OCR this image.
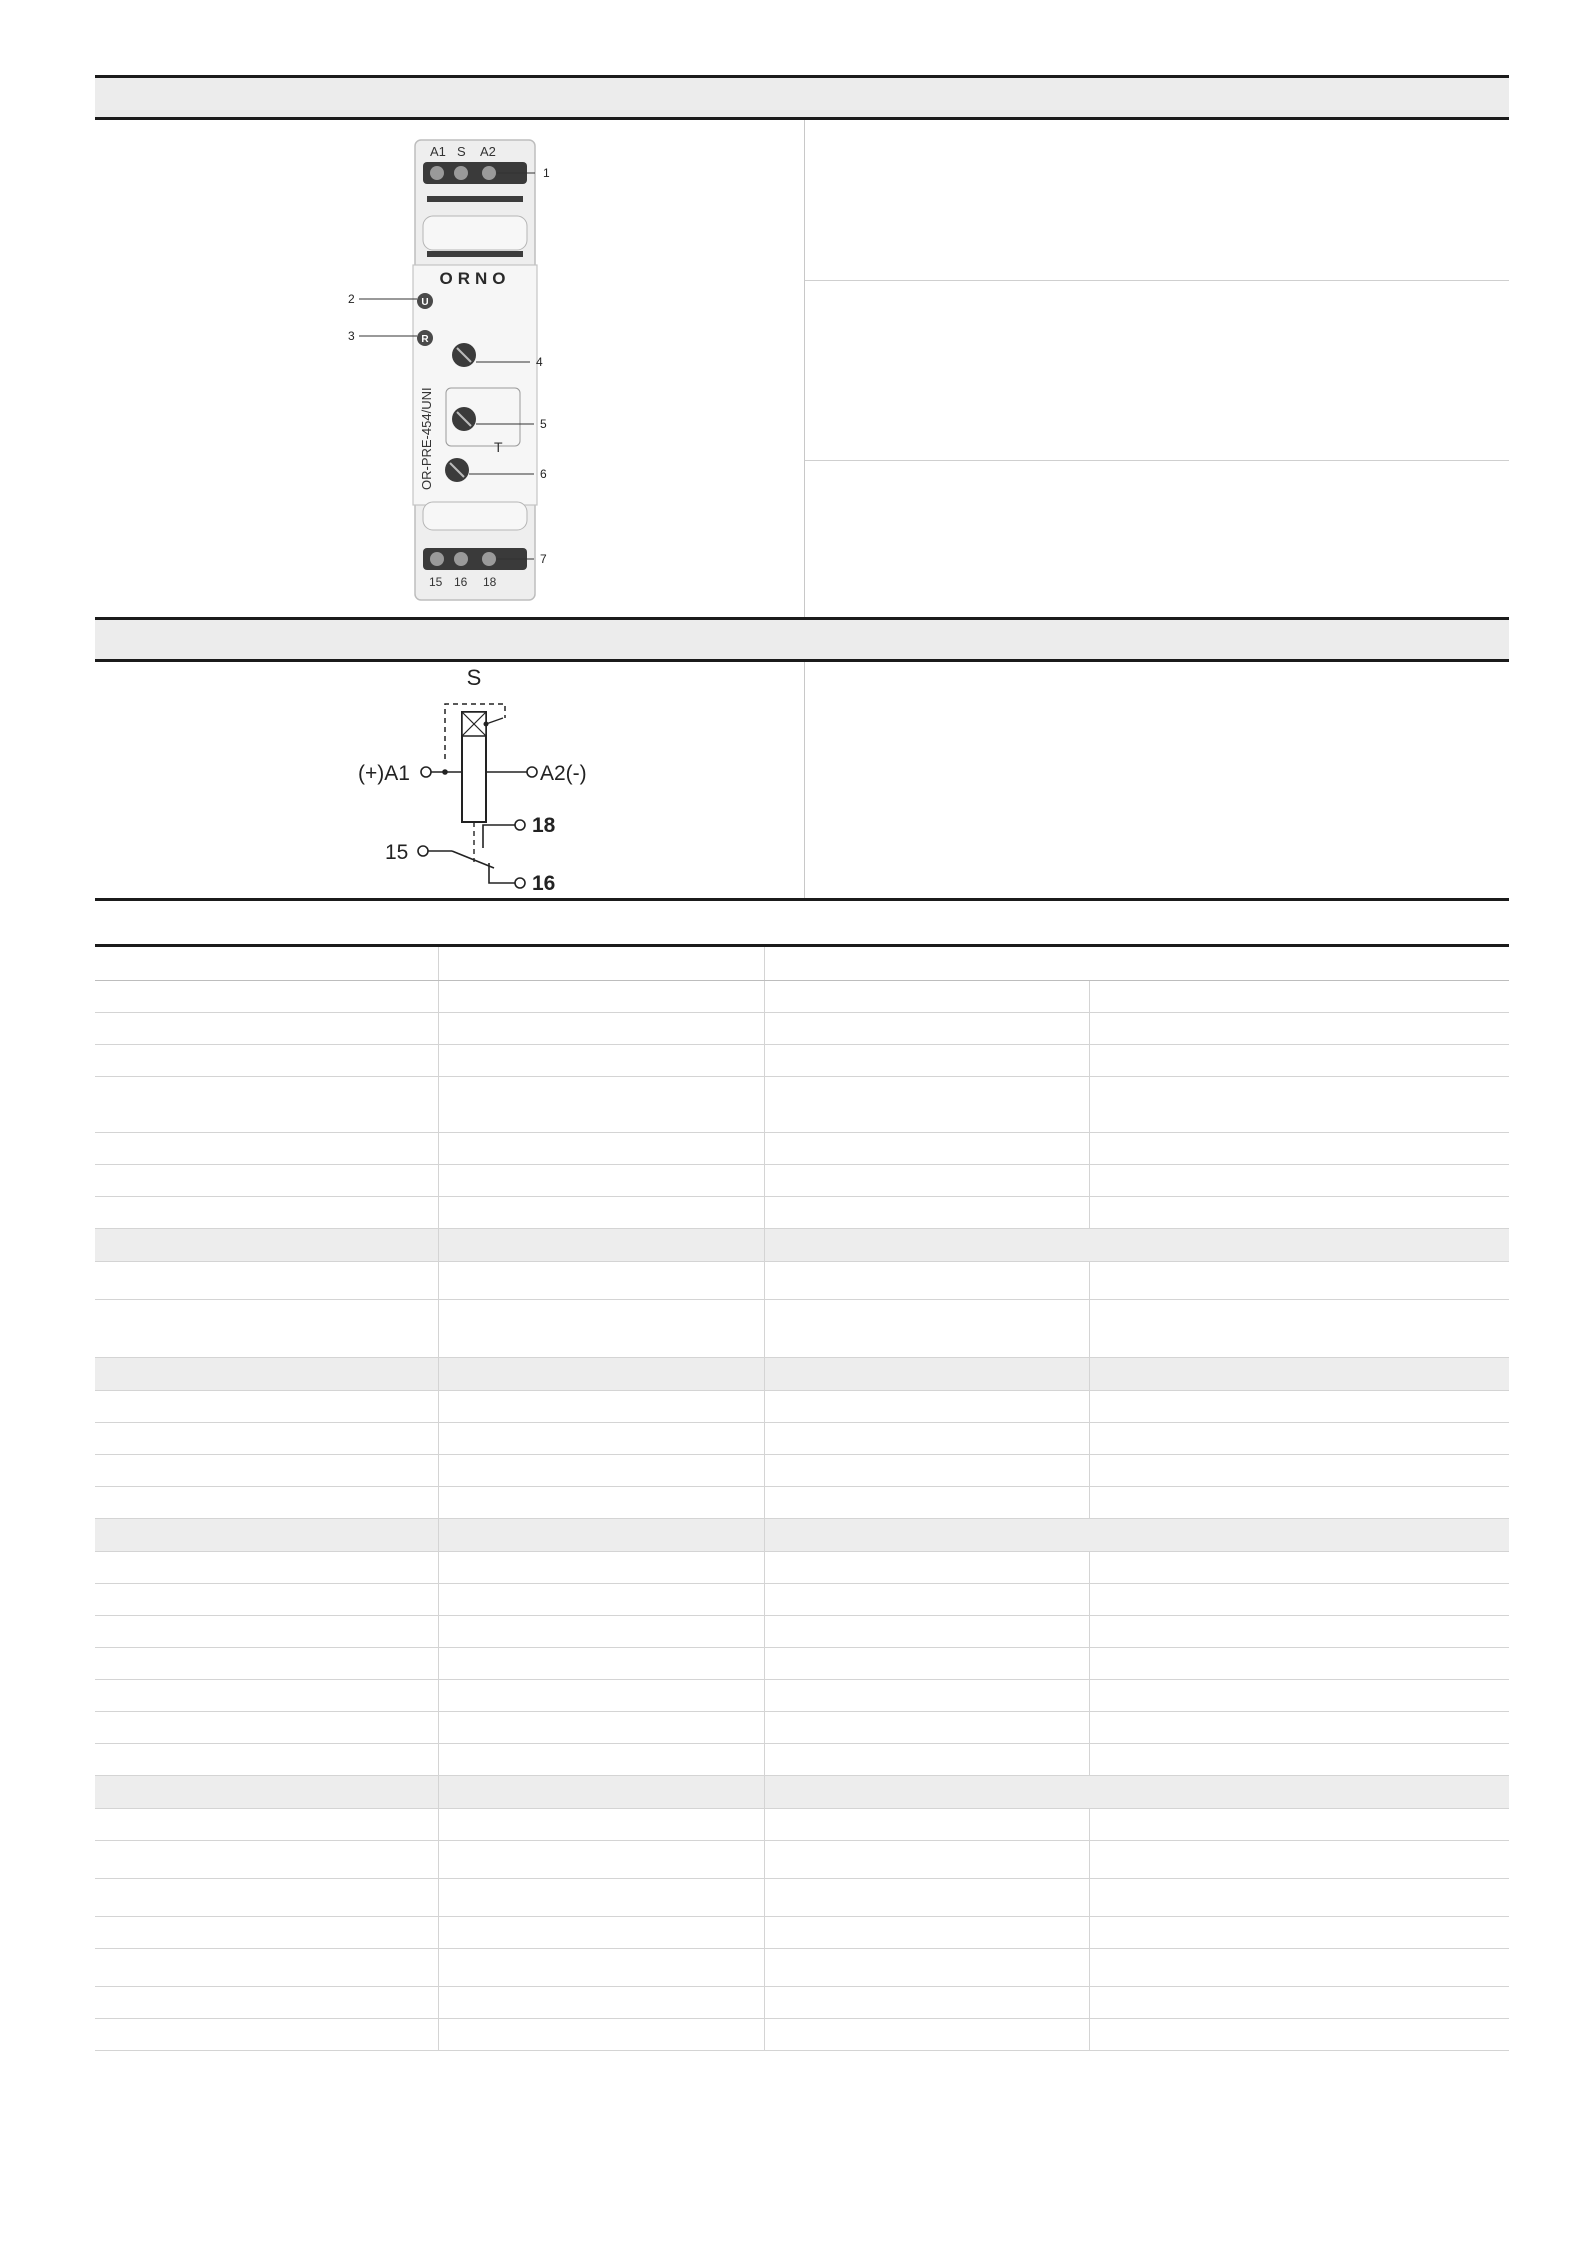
A1 S A2
ORNO
U
R
T
OR-PRE-454/UNI
15 16 18
1
2
3
4
5
6
7
S
(+)A1	A2(-)
15
18
16
